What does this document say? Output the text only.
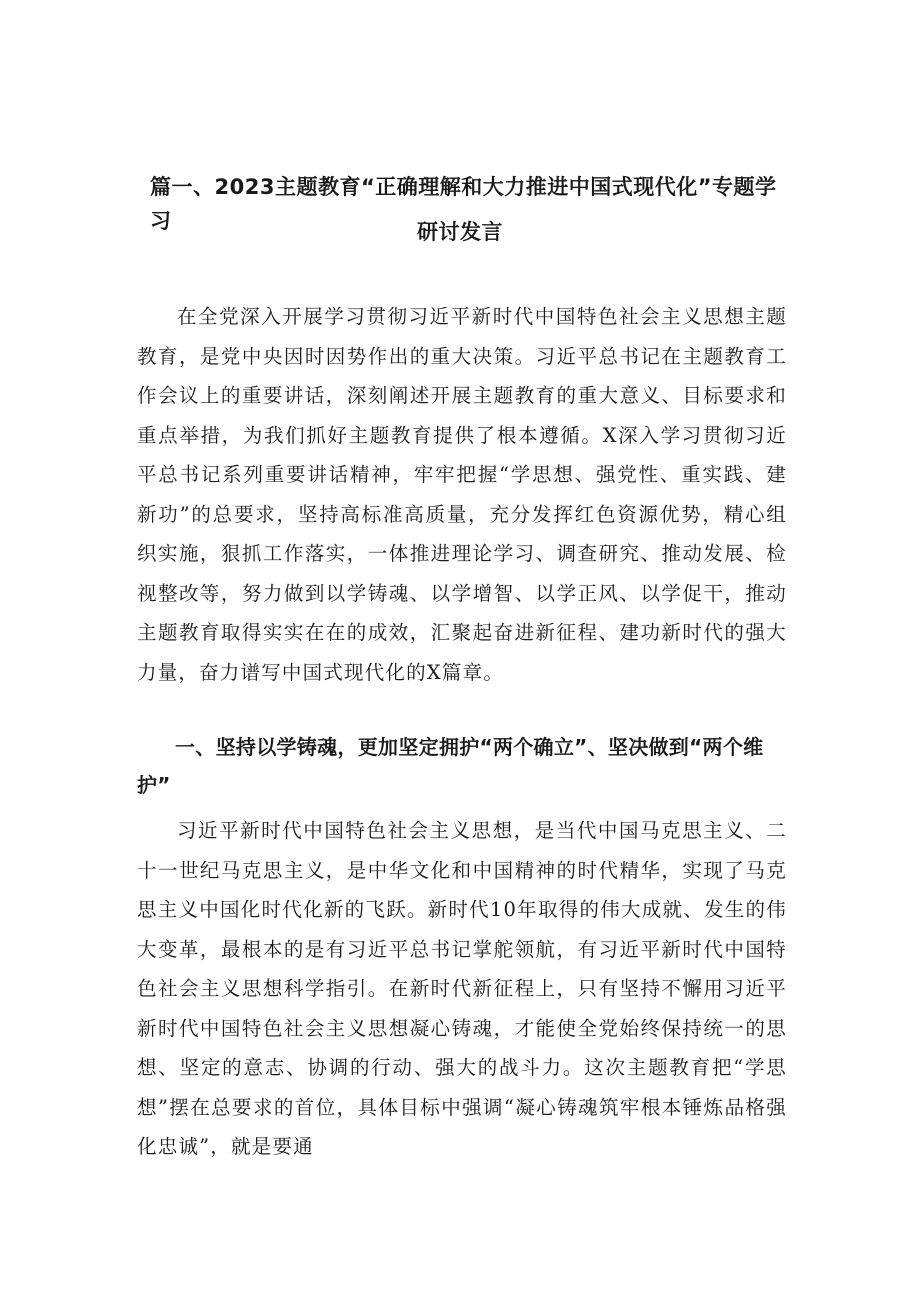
篇一、2023主题教育“正确理解和大力推进中国式现代化”专题学习	研讨发言

在全党深入开展学习贯彻习近平新时代中国特色社会主义思想主题教育，是党中央因时因势作出的重大决策。习近平总书记在主题教育工作会议上的重要讲话，深刻阐述开展主题教育的重大意义、目标要求和重点举措，为我们抓好主题教育提供了根本遵循。X深入学习贯彻习近平总书记系列重要讲话精神，牢牢把握“学思想、强党性、重实践、建新功”的总要求，坚持高标准高质量，充分发挥红色资源优势，精心组织实施，狠抓工作落实，一体推进理论学习、调查研究、推动发展、检视整改等，努力做到以学铸魂、以学增智、以学正风、以学促干，推动主题教育取得实实在在的成效，汇聚起奋进新征程、建功新时代的强大力量，奋力谱写中国式现代化的X篇章。

一、坚持以学铸魂，更加坚定拥护“两个确立”、坚决做到“两个维护”

习近平新时代中国特色社会主义思想，是当代中国马克思主义、二十一世纪马克思主义，是中华文化和中国精神的时代精华，实现了马克思主义中国化时代化新的飞跃。新时代10年取得的伟大成就、发生的伟大变革，最根本的是有习近平总书记掌舵领航，有习近平新时代中国特色社会主义思想科学指引。在新时代新征程上，只有坚持不懈用习近平新时代中国特色社会主义思想凝心铸魂，才能使全党始终保持统一的思想、坚定的意志、协调的行动、强大的战斗力。这次主题教育把“学思想”摆在总要求的首位，具体目标中强调“凝心铸魂筑牢根本锤炼品格强化忠诚”，就是要通
